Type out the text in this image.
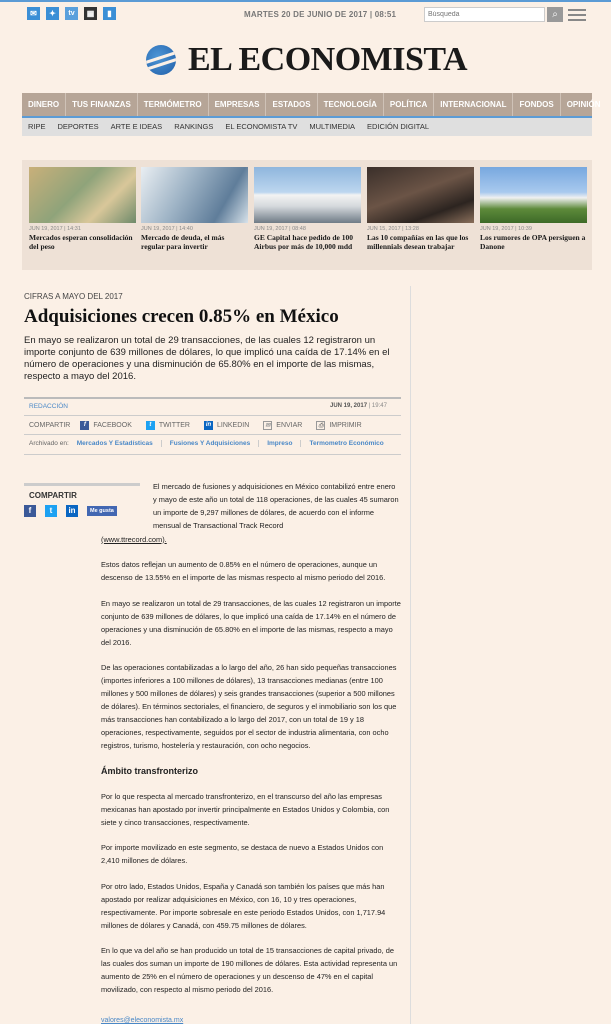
✉	✦	tv	▦	▮	MARTES 20 DE JUNIO DE 2017 | 08:51
Búsqueda	⌕
EL ECONOMISTA
DINERO	TUS FINANZAS	TERMÓMETRO	EMPRESAS	ESTADOS	TECNOLOGÍA	POLÍTICA	INTERNACIONAL	FONDOS	OPINIÓN
RIPE	DEPORTES	ARTE E IDEAS	RANKINGS	EL ECONOMISTA TV	MULTIMEDIA	EDICIÓN DIGITAL
JUN 19, 2017 | 14:31
Mercados esperan consolidación del peso
JUN 19, 2017 | 14:40
Mercado de deuda, el más regular para invertir
JUN 19, 2017 | 08:48
GE Capital hace pedido de 100 Airbus por más de 10,000 mdd
JUN 15, 2017 | 13:28
Las 10 compañías en las que los millennials desean trabajar
JUN 19, 2017 | 10:39
Los rumores de OPA persiguen a Danone
CIFRAS A MAYO DEL 2017
Adquisiciones crecen 0.85% en México
En mayo se realizaron un total de 29 transacciones, de las cuales 12 registraron un importe conjunto de 639 millones de dólares, lo que implicó una caída de 17.14% en el número de operaciones y una disminución de 65.80% en el importe de las mismas, respecto a mayo del 2016.
REDACCIÓN	JUN 19, 2017 | 19:47
COMPARTIR	f	FACEBOOK	t	TWITTER	in LINKEDIN	✉ ENVIAR	⎙ IMPRIMIR
Archivado en: Mercados Y Estadísticas	Fusiones Y Adquisiciones	Impreso	Termometro Económico
COMPARTIR
f	t	in	Me gusta

El mercado de fusiones y adquisiciones en México contabilizó entre enero y mayo de este año un total de 118 operaciones, de las cuales 45 sumaron un importe de 9,297 millones de dólares, de acuerdo con el informe mensual de Transactional Track Record

(www.ttrecord.com).

Estos datos reflejan un aumento de 0.85% en el número de operaciones, aunque un descenso de 13.55% en el importe de las mismas respecto al mismo periodo del 2016.

En mayo se realizaron un total de 29 transacciones, de las cuales 12 registraron un importe conjunto de 639 millones de dólares, lo que implicó una caída de 17.14% en el número de operaciones y una disminución de 65.80% en el importe de las mismas, respecto a mayo del 2016.

De las operaciones contabilizadas a lo largo del año, 26 han sido pequeñas transacciones (importes inferiores a 100 millones de dólares), 13 transacciones medianas (entre 100 millones y 500 millones de dólares) y seis grandes transacciones (superior a 500 millones de dólares). En términos sectoriales, el financiero, de seguros y el inmobiliario son los que más transacciones han contabilizado a lo largo del 2017, con un total de 19 y 18 operaciones, respectivamente, seguidos por el sector de industria alimentaria, con ocho registros, turismo, hostelería y restauración, con ocho negocios.

Ámbito transfronterizo

Por lo que respecta al mercado transfronterizo, en el transcurso del año las empresas mexicanas han apostado por invertir principalmente en Estados Unidos y Colombia, con siete y cinco transacciones, respectivamente.

Por importe movilizado en este segmento, se destaca de nuevo a Estados Unidos con 2,410 millones de dólares.

Por otro lado, Estados Unidos, España y Canadá son también los países que más han apostado por realizar adquisiciones en México, con 16, 10 y tres operaciones, respectivamente. Por importe sobresale en este periodo Estados Unidos, con 1,717.94 millones de dólares y Canadá, con 459.75 millones de dólares.

En lo que va del año se han producido un total de 15 transacciones de capital privado, de las cuales dos suman un importe de 190 millones de dólares. Esta actividad representa un aumento de 25% en el número de operaciones y un descenso de 47% en el capital movilizado, con respecto al mismo periodo del 2016.

valores@eleconomista.mx
